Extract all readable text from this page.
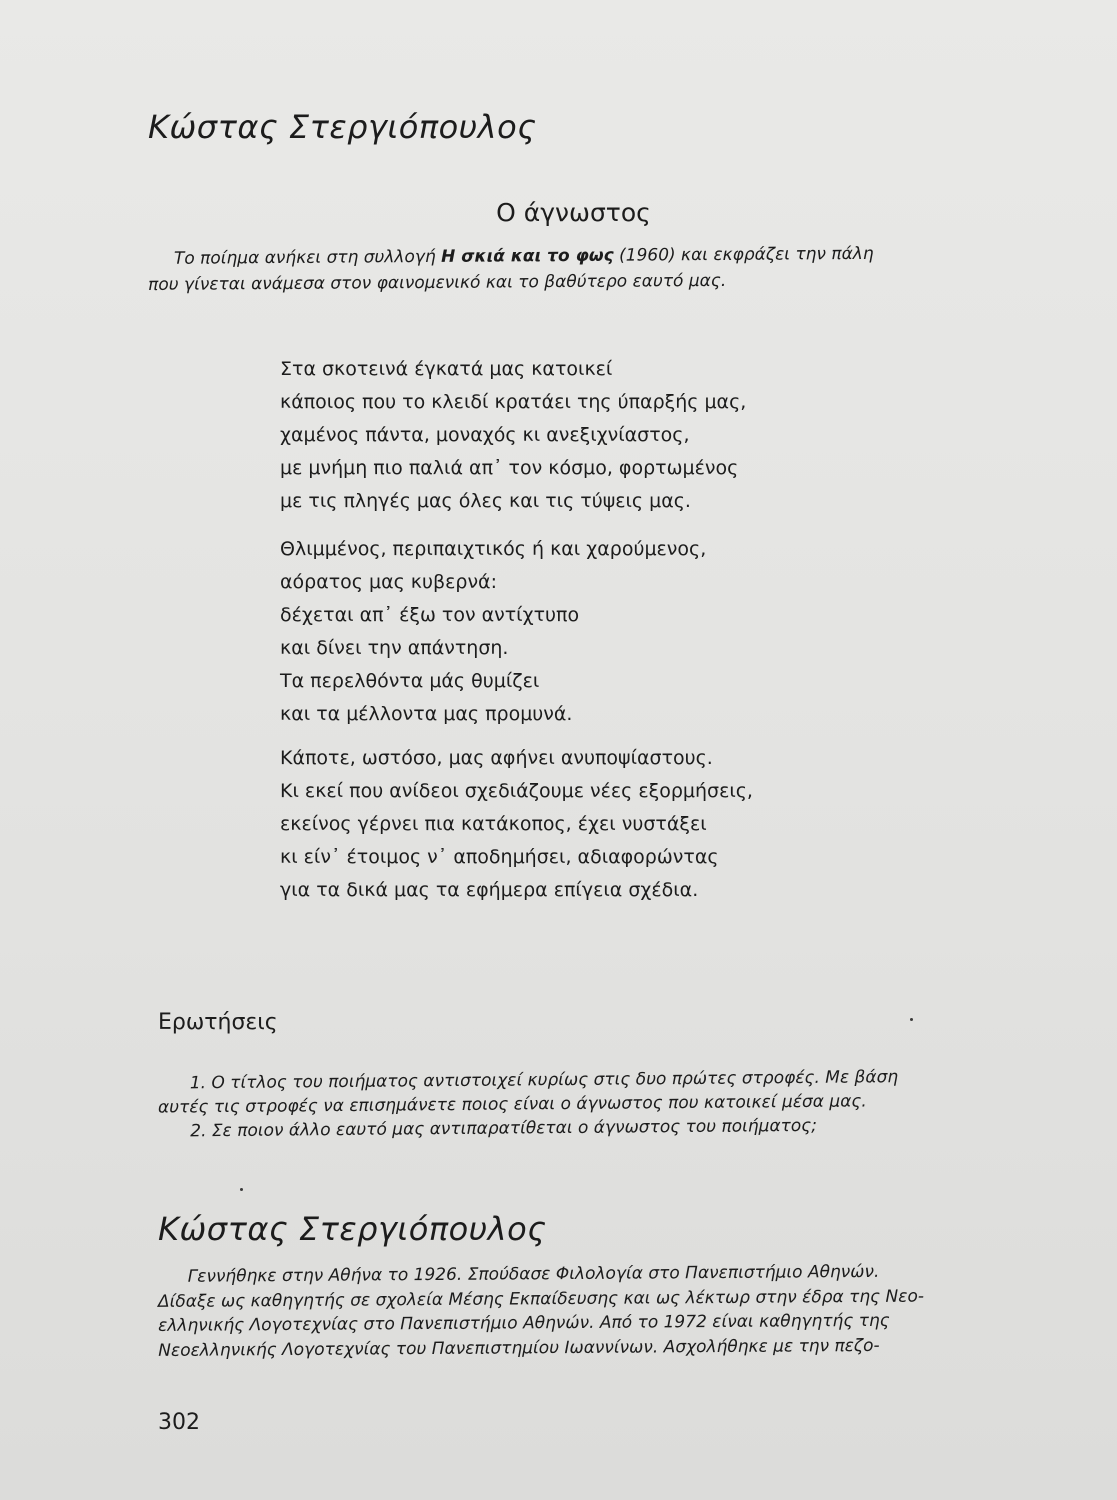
Κώστας Στεργιόπουλος
Ο άγνωστος
Το ποίημα ανήκει στη συλλογή Η σκιά και το φως (1960) και εκφράζει την πάλη
που γίνεται ανάμεσα στον φαινομενικό και το βαθύτερο εαυτό μας.
Στα σκοτεινά έγκατά μας κατοικεί
κάποιος που το κλειδί κρατάει της ύπαρξής μας,
χαμένος πάντα, μοναχός κι ανεξιχνίαστος,
με μνήμη πιο παλιά απ᾽ τον κόσμο, φορτωμένος
με τις πληγές μας όλες και τις τύψεις μας.
Θλιμμένος, περιπαιχτικός ή και χαρούμενος,
αόρατος μας κυβερνά:
δέχεται απ᾽ έξω τον αντίχτυπο
και δίνει την απάντηση.
Τα περελθόντα μάς θυμίζει
και τα μέλλοντα μας προμυνά.
Κάποτε, ωστόσο, μας αφήνει ανυποψίαστους.
Κι εκεί που ανίδεοι σχεδιάζουμε νέες εξορμήσεις,
εκείνος γέρνει πια κατάκοπος, έχει νυστάξει
κι είν᾽ έτοιμος ν᾽ αποδημήσει, αδιαφορώντας
για τα δικά μας τα εφήμερα επίγεια σχέδια.
Ερωτήσεις
1. Ο τίτλος του ποιήματος αντιστοιχεί κυρίως στις δυο πρώτες στροφές. Με βάση
αυτές τις στροφές να επισημάνετε ποιος είναι ο άγνωστος που κατοικεί μέσα μας.
2. Σε ποιον άλλο εαυτό μας αντιπαρατίθεται ο άγνωστος του ποιήματος;
Κώστας Στεργιόπουλος
Γεννήθηκε στην Αθήνα το 1926. Σπούδασε Φιλολογία στο Πανεπιστήμιο Αθηνών.
Δίδαξε ως καθηγητής σε σχολεία Μέσης Εκπαίδευσης και ως λέκτωρ στην έδρα της Νεο-
ελληνικής Λογοτεχνίας στο Πανεπιστήμιο Αθηνών. Από το 1972 είναι καθηγητής της
Νεοελληνικής Λογοτεχνίας του Πανεπιστημίου Ιωαννίνων. Ασχολήθηκε με την πεζο-
302
